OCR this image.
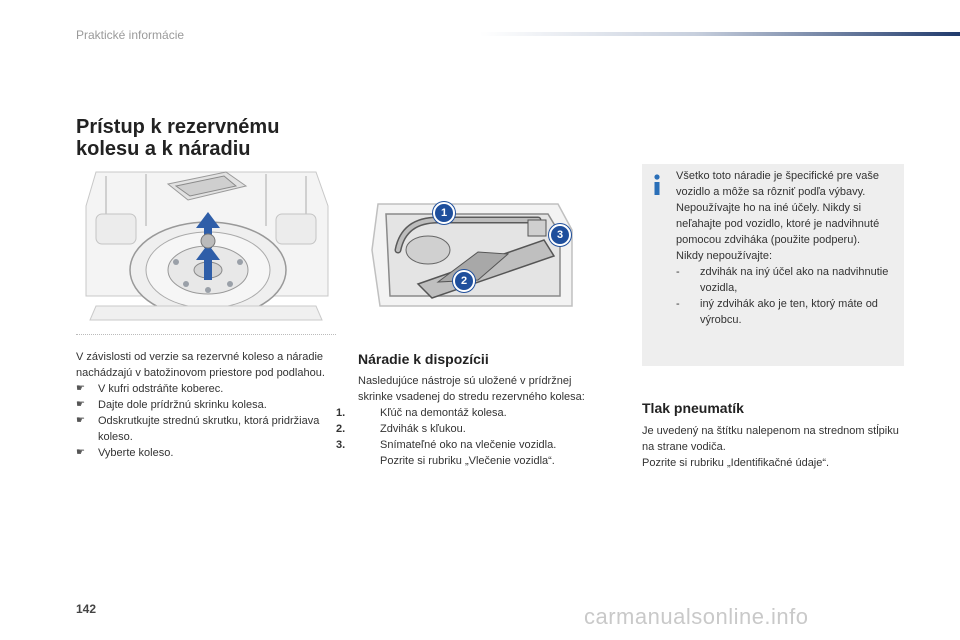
Praktické informácie
Prístup k rezervnému
kolesu a k náradiu

V závislosti od verzie sa rezervné koleso a náradie nachádzajú v batožinovom priestore pod podlahou.

☛ V kufri odstráňte koberec.
☛ Dajte dole prídržnú skrinku kolesa.
☛ Odskrutkujte strednú skrutku, ktorá pridržiava koleso.
☛ Vyberte koleso.
1
2
3
Náradie k dispozícii

Nasledujúce nástroje sú uložené v prídržnej skrinke vsadenej do stredu rezervného kolesa:

1.	Kľúč na demontáž kolesa.

2.	Zdvihák s kľukou.

3.	Snímateľné oko na vlečenie vozidla.

Pozrite si rubriku „Vlečenie vozidla“.

Všetko toto náradie je špecifické pre vaše vozidlo a môže sa rôzniť podľa výbavy. Nepoužívajte ho na iné účely. Nikdy si neľahajte pod vozidlo, ktoré je nadvihnuté pomocou zdviháka (použite podperu).

Nikdy nepoužívajte:

- zdvihák na iný účel ako na nadvihnutie vozidla,
- iný zdvihák ako je ten, ktorý máte od výrobcu.
Tlak pneumatík

Je uvedený na štítku nalepenom na strednom stĺpiku na strane vodiča.

Pozrite si rubriku „Identifikačné údaje“.

142	carmanualsonline.info
